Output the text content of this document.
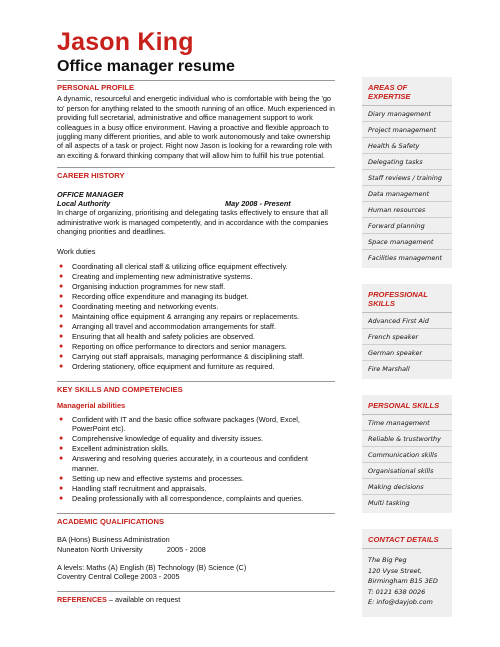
Jason King
Office manager resume
PERSONAL PROFILE
A dynamic, resourceful and energetic individual who is comfortable with being the 'go to' person for anything related to the smooth running of an office. Much experienced in providing full secretarial, administrative and office management support to work colleagues in a busy office environment. Having a proactive and flexible approach to juggling many different priorities, and able to work autonomously and take ownership of all aspects of a task or project. Right now Jason is looking for a rewarding role with an exciting & forward thinking company that will allow him to fulfill his true potential.
CAREER HISTORY
OFFICE MANAGER
Local Authority	May 2008 - Present
In charge of organizing, prioritising and delegating tasks effectively to ensure that all administrative work is managed competently, and in accordance with the companies changing priorities and deadlines.
Work duties
● Coordinating all clerical staff & utilizing office equipment effectively.
● Creating and implementing new administrative systems.
● Organising induction programmes for new staff.
● Recording office expenditure and managing its budget.
● Coordinating meeting and networking events.
● Maintaining office equipment & arranging any repairs or replacements.
● Arranging all travel and accommodation arrangements for staff.
● Ensuring that all health and safety policies are observed.
● Reporting on office performance to directors and senior managers.
● Carrying out staff appraisals, managing performance & disciplining staff.
● Ordering stationery, office equipment and furniture as required.
KEY SKILLS AND COMPETENCIES
Managerial abilities
● Confident with IT and the basic office software packages (Word, Excel, PowerPoint etc).
● Comprehensive knowledge of equality and diversity issues.
● Excellent administration skills.
● Answering and resolving queries accurately, in a courteous and confident manner.
● Setting up new and effective systems and processes.
● Handling staff recruitment and appraisals.
● Dealing professionally with all correspondence, complaints and queries.
ACADEMIC QUALIFICATIONS
BA (Hons) Business Administration
Nuneaton North University            2005 - 2008
A levels: Maths (A) English (B) Technology (B) Science (C)
Coventry Central College 2003 - 2005
REFERENCES – available on request
AREAS OF EXPERTISE
Diary management
Project management
Health & Safety
Delegating tasks
Staff reviews / training
Data management
Human resources
Forward planning
Space management
Facilities management
PROFESSIONAL SKILLS
Advanced First Aid
French speaker
German speaker
Fire Marshall
PERSONAL SKILLS
Time management
Reliable & trustworthy
Communication skills
Organisational skills
Making decisions
Multi tasking
CONTACT DETAILS
The Big Peg
120 Vyse Street,
Birmingham B15 3ED
T: 0121 638 0026
E: info@dayjob.com
